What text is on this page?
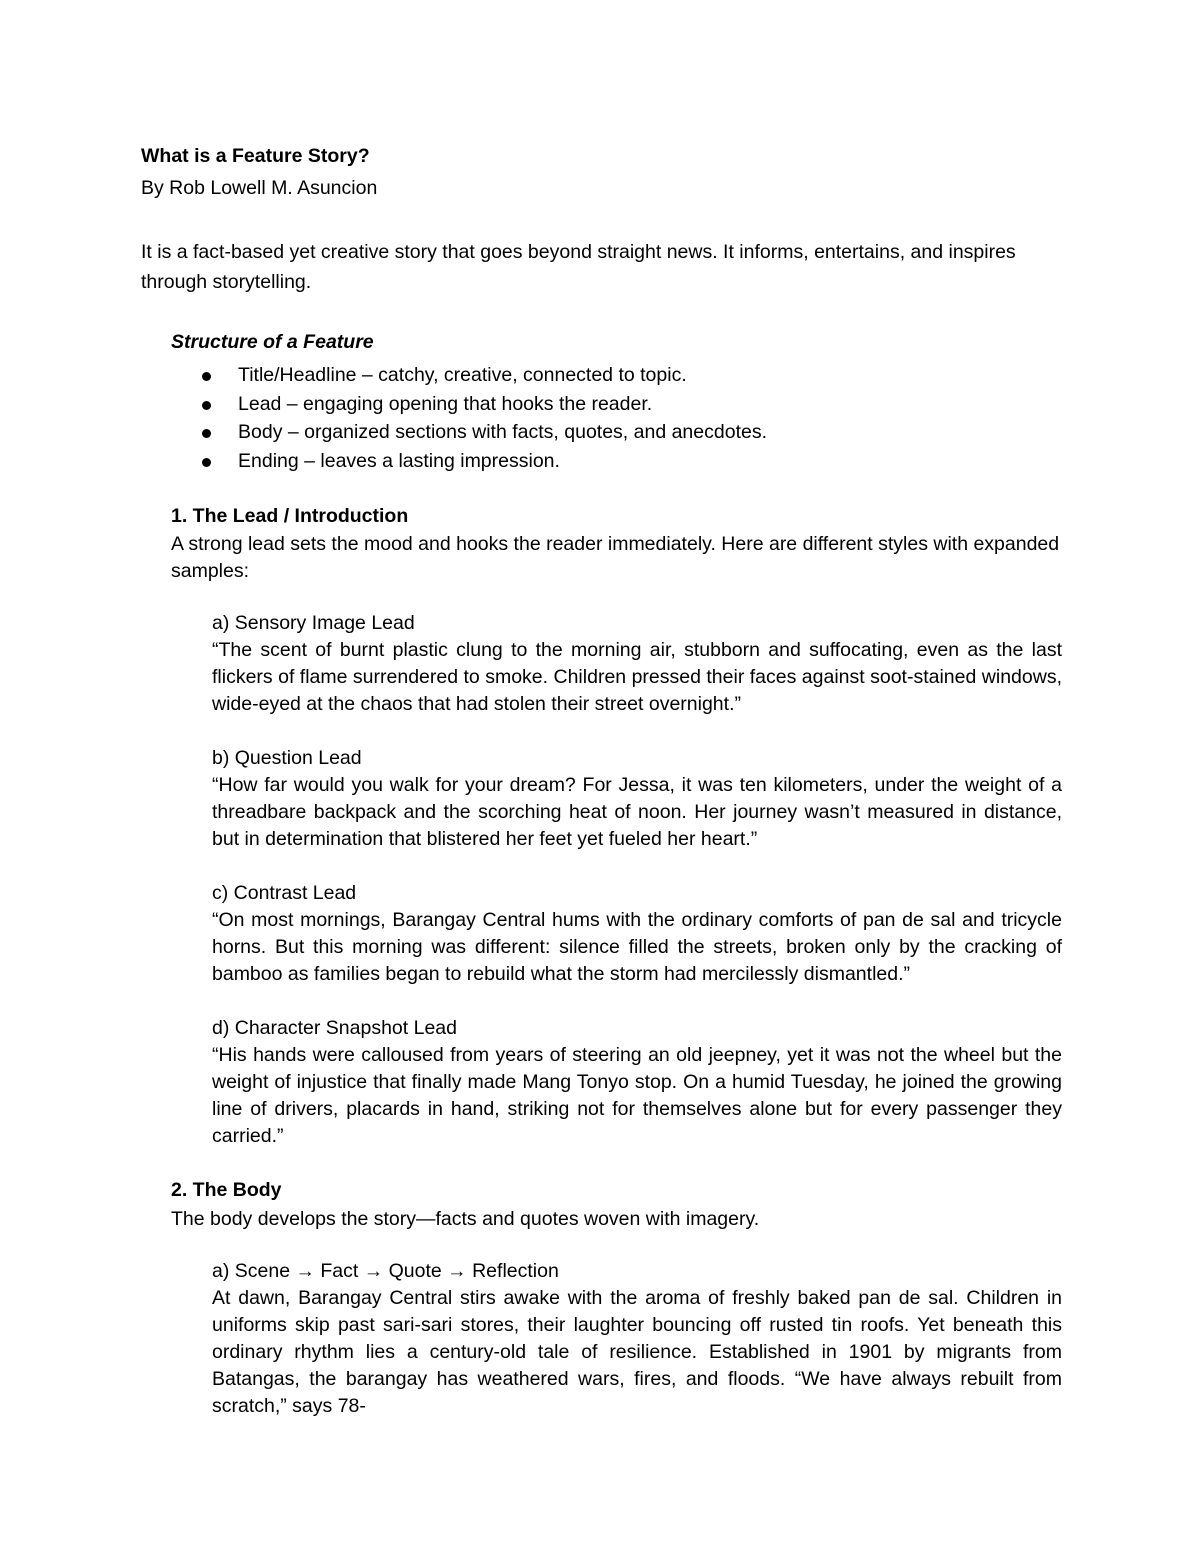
What is a Feature Story?
By Rob Lowell M. Asuncion
It is a fact-based yet creative story that goes beyond straight news. It informs, entertains, and inspires through storytelling.
Structure of a Feature
Title/Headline – catchy, creative, connected to topic.
Lead – engaging opening that hooks the reader.
Body – organized sections with facts, quotes, and anecdotes.
Ending – leaves a lasting impression.
1. The Lead / Introduction
A strong lead sets the mood and hooks the reader immediately. Here are different styles with expanded samples:
a) Sensory Image Lead
“The scent of burnt plastic clung to the morning air, stubborn and suffocating, even as the last flickers of flame surrendered to smoke. Children pressed their faces against soot-stained windows, wide-eyed at the chaos that had stolen their street overnight.”
b) Question Lead
“How far would you walk for your dream? For Jessa, it was ten kilometers, under the weight of a threadbare backpack and the scorching heat of noon. Her journey wasn’t measured in distance, but in determination that blistered her feet yet fueled her heart.”
c) Contrast Lead
“On most mornings, Barangay Central hums with the ordinary comforts of pan de sal and tricycle horns. But this morning was different: silence filled the streets, broken only by the cracking of bamboo as families began to rebuild what the storm had mercilessly dismantled.”
d) Character Snapshot Lead
“His hands were calloused from years of steering an old jeepney, yet it was not the wheel but the weight of injustice that finally made Mang Tonyo stop. On a humid Tuesday, he joined the growing line of drivers, placards in hand, striking not for themselves alone but for every passenger they carried.”
2. The Body
The body develops the story—facts and quotes woven with imagery.
a) Scene → Fact → Quote → Reflection
At dawn, Barangay Central stirs awake with the aroma of freshly baked pan de sal. Children in uniforms skip past sari-sari stores, their laughter bouncing off rusted tin roofs. Yet beneath this ordinary rhythm lies a century-old tale of resilience. Established in 1901 by migrants from Batangas, the barangay has weathered wars, fires, and floods. “We have always rebuilt from scratch,” says 78-
